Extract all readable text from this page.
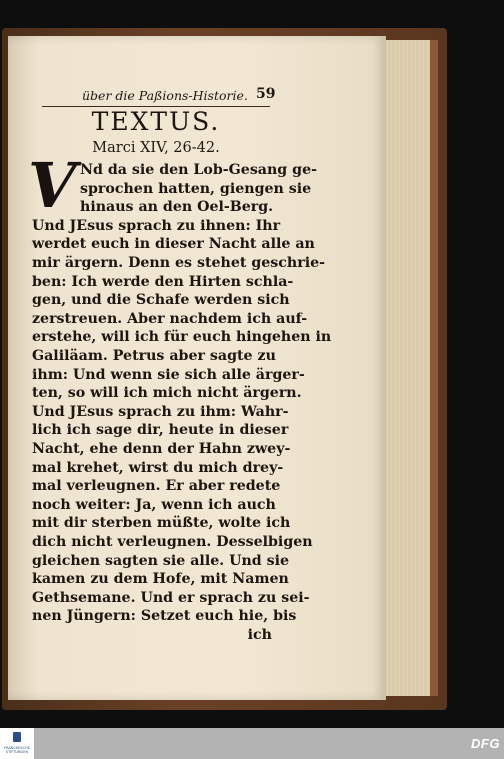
über die Paßions-Historie. 59
TEXTUS.
Marci XIV, 26-42.
V Nd da sie den Lob-Gesang ge-
sprochen hatten, giengen sie
hinaus an den Oel-Berg.
Und JEsus sprach zu ihnen: Ihr
werdet euch in dieser Nacht alle an
mir ärgern. Denn es stehet geschrie-
ben: Ich werde den Hirten schla-
gen, und die Schafe werden sich
zerstreuen. Aber nachdem ich auf-
erstehe, will ich für euch hingehen in
Galiläam. Petrus aber sagte zu
ihm: Und wenn sie sich alle ärger-
ten, so will ich mich nicht ärgern.
Und JEsus sprach zu ihm: Wahr-
lich ich sage dir, heute in dieser
Nacht, ehe denn der Hahn zwey-
mal krehet, wirst du mich drey-
mal verleugnen. Er aber redete
noch weiter: Ja, wenn ich auch
mit dir sterben müßte, wolte ich
dich nicht verleugnen. Desselbigen
gleichen sagten sie alle. Und sie
kamen zu dem Hofe, mit Namen
Gethsemane. Und er sprach zu sei-
nen Jüngern: Setzet euch hie, bis
ich
FRANCKESCHE STIFTUNGEN
DFG
